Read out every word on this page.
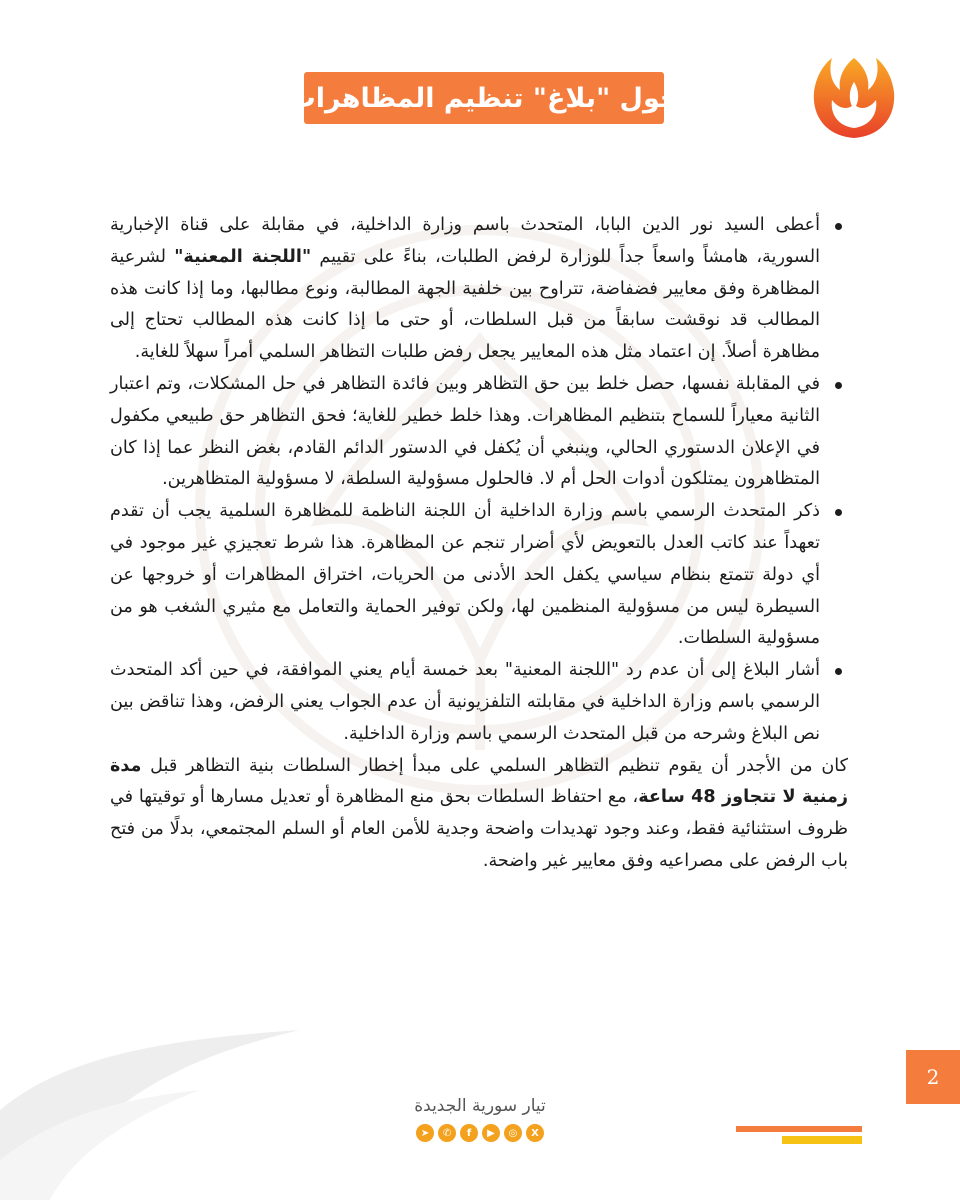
حول "بلاغ" تنظيم المظاهرات
أعطى السيد نور الدين البابا، المتحدث باسم وزارة الداخلية، في مقابلة على قناة الإخبارية السورية، هامشاً واسعاً جداً للوزارة لرفض الطلبات، بناءً على تقييم "اللجنة المعنية" لشرعية المظاهرة وفق معايير فضفاضة، تتراوح بين خلفية الجهة المطالبة، ونوع مطالبها، وما إذا كانت هذه المطالب قد نوقشت سابقاً من قبل السلطات، أو حتى ما إذا كانت هذه المطالب تحتاج إلى مظاهرة أصلاً. إن اعتماد مثل هذه المعايير يجعل رفض طلبات التظاهر السلمي أمراً سهلاً للغاية.
في المقابلة نفسها، حصل خلط بين حق التظاهر وبين فائدة التظاهر في حل المشكلات، وتم اعتبار الثانية معياراً للسماح بتنظيم المظاهرات. وهذا خلط خطير للغاية؛ فحق التظاهر حق طبيعي مكفول في الإعلان الدستوري الحالي، وينبغي أن يُكفل في الدستور الدائم القادم، بغض النظر عما إذا كان المتظاهرون يمتلكون أدوات الحل أم لا. فالحلول مسؤولية السلطة، لا مسؤولية المتظاهرين.
ذكر المتحدث الرسمي باسم وزارة الداخلية أن اللجنة الناظمة للمظاهرة السلمية يجب أن تقدم تعهداً عند كاتب العدل بالتعويض لأي أضرار تنجم عن المظاهرة. هذا شرط تعجيزي غير موجود في أي دولة تتمتع بنظام سياسي يكفل الحد الأدنى من الحريات، اختراق المظاهرات أو خروجها عن السيطرة ليس من مسؤولية المنظمين لها، ولكن توفير الحماية والتعامل مع مثيري الشغب هو من مسؤولية السلطات.
أشار البلاغ إلى أن عدم رد "اللجنة المعنية" بعد خمسة أيام يعني الموافقة، في حين أكد المتحدث الرسمي باسم وزارة الداخلية في مقابلته التلفزيونية أن عدم الجواب يعني الرفض، وهذا تناقض بين نص البلاغ وشرحه من قبل المتحدث الرسمي باسم وزارة الداخلية.

كان من الأجدر أن يقوم تنظيم التظاهر السلمي على مبدأ إخطار السلطات بنية التظاهر قبل مدة زمنية لا تتجاوز 48 ساعة، مع احتفاظ السلطات بحق منع المظاهرة أو تعديل مسارها أو توقيتها في ظروف استثنائية فقط، وعند وجود تهديدات واضحة وجدية للأمن العام أو السلم المجتمعي، بدلًا من فتح باب الرفض على مصراعيه وفق معايير غير واضحة.

2
تيار سورية الجديدة
X
◎
▶
f
✆
➤
